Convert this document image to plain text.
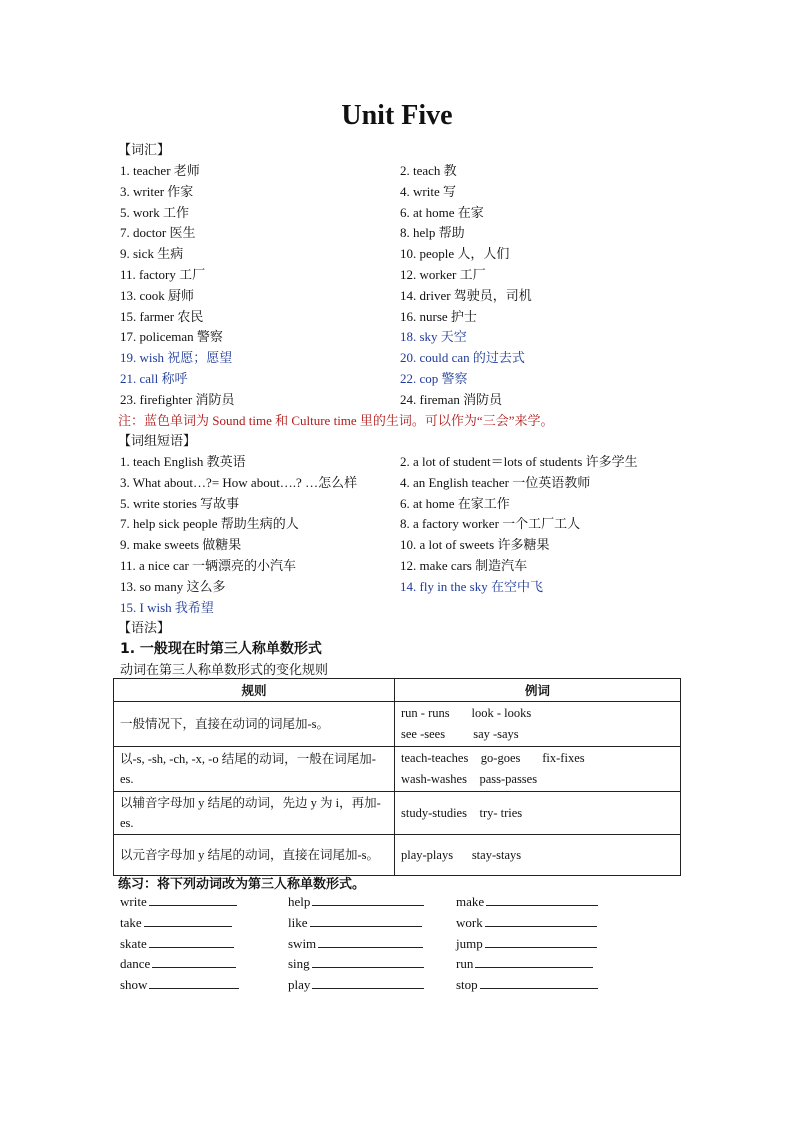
Unit Five
【词汇】
1. teacher 老师	2. teach 教
3. writer 作家	4. write 写
5. work 工作	6. at home 在家
7. doctor 医生	8. help 帮助
9. sick 生病	10. people 人，人们
11. factory 工厂	12. worker 工厂
13. cook 厨师	14. driver 驾驶员，司机
15. farmer 农民	16. nurse 护士
17. policeman 警察	18. sky 天空
19. wish 祝愿；愿望	20. could can 的过去式
21. call 称呼	22. cop 警察
23. firefighter 消防员	24. fireman 消防员
注：蓝色单词为 Sound time 和 Culture time 里的生词。可以作为“三会”来学。
【词组短语】
1. teach English 教英语	2. a lot of student＝lots of students 许多学生
3. What about…?= How about….? …怎么样	4. an English teacher 一位英语教师
5. write stories 写故事	6. at home 在家工作
7. help sick people 帮助生病的人	8. a factory worker 一个工厂工人
9. make sweets 做糖果	10. a lot of sweets 许多糖果
11. a nice car 一辆漂亮的小汽车	12. make cars 制造汽车
13. so many 这么多	14. fly in the sky 在空中飞
15. I wish 我希望
【语法】
1. 一般现在时第三人称单数形式
动词在第三人称单数形式的变化规则
规则	例词
一般情况下，直接在动词的词尾加-s。	run - runs       look - looks
see -sees         say -says
以-s, -sh, -ch, -x, -o 结尾的动词，一般在词尾加-es.	teach-teaches    go-goes       fix-fixes
wash-washes    pass-passes
以辅音字母加 y 结尾的动词，先边 y 为 i，再加-es.	study-studies    try- tries
以元音字母加 y 结尾的动词，直接在词尾加-s。	play-plays      stay-stays
练习：将下列动词改为第三人称单数形式。
write	help	make
take	like	work
skate	swim	jump
dance	sing	run
show	play	stop
